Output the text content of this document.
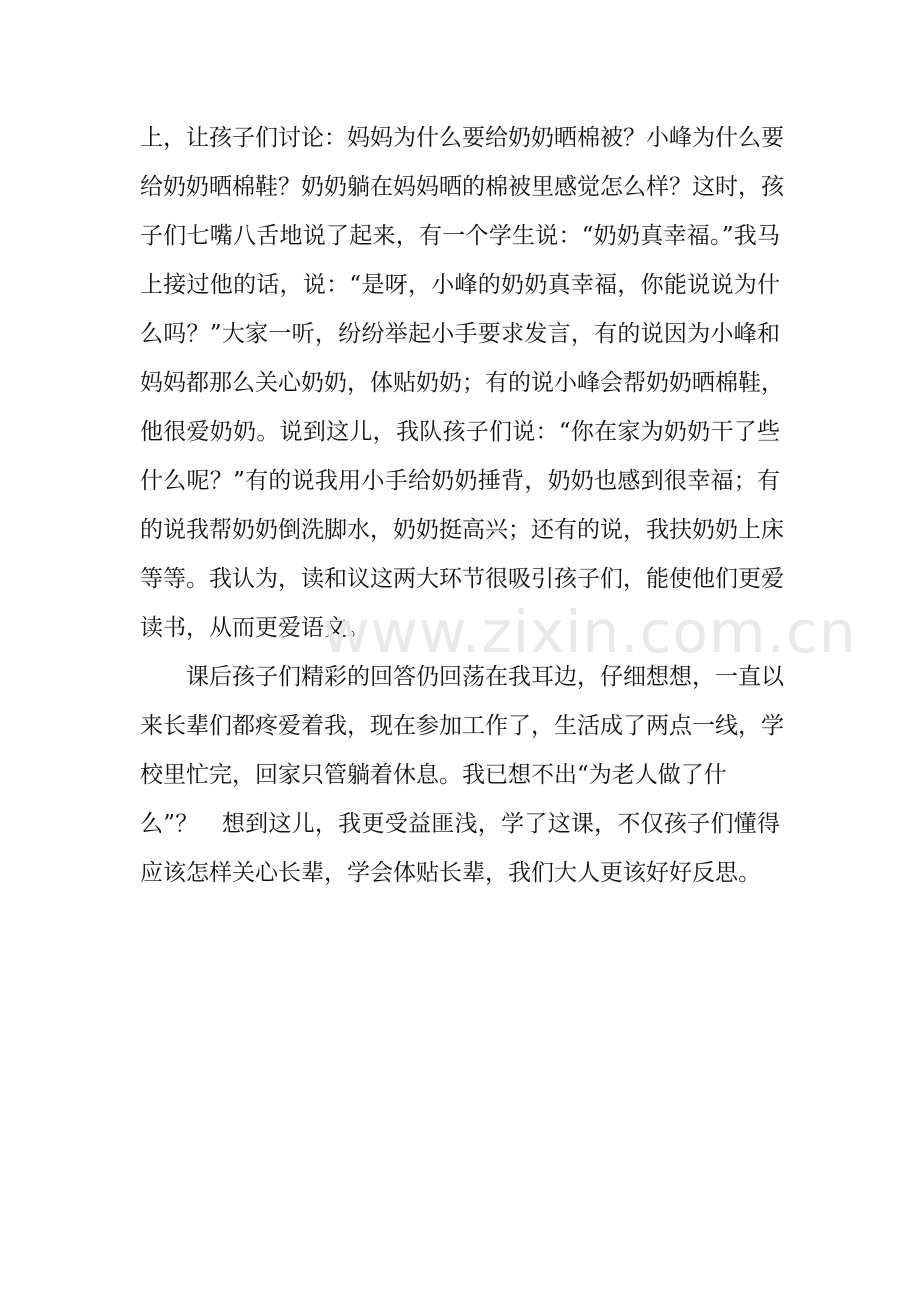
上，让孩子们讨论：妈妈为什么要给奶奶晒棉被？小峰为什么要
给奶奶晒棉鞋？奶奶躺在妈妈晒的棉被里感觉怎么样？这时，孩
子们七嘴八舌地说了起来，有一个学生说：“奶奶真幸福。”我马
上接过他的话，说：“是呀，小峰的奶奶真幸福，你能说说为什
么吗？”大家一听，纷纷举起小手要求发言，有的说因为小峰和
妈妈都那么关心奶奶，体贴奶奶；有的说小峰会帮奶奶晒棉鞋，
他很爱奶奶。说到这儿，我队孩子们说：“你在家为奶奶干了些
什么呢？”有的说我用小手给奶奶捶背，奶奶也感到很幸福；有
的说我帮奶奶倒洗脚水，奶奶挺高兴；还有的说，我扶奶奶上床
等等。我认为，读和议这两大环节很吸引孩子们，能使他们更爱
读书，从而更爱语文。
　　课后孩子们精彩的回答仍回荡在我耳边，仔细想想，一直以
来长辈们都疼爱着我，现在参加工作了，生活成了两点一线，学
校里忙完，回家只管躺着休息。我已想不出“为老人做了什
么”？　想到这儿，我更受益匪浅，学了这课，不仅孩子们懂得
应该怎样关心长辈，学会体贴长辈，我们大人更该好好反思。
www.zixin.com.cn
